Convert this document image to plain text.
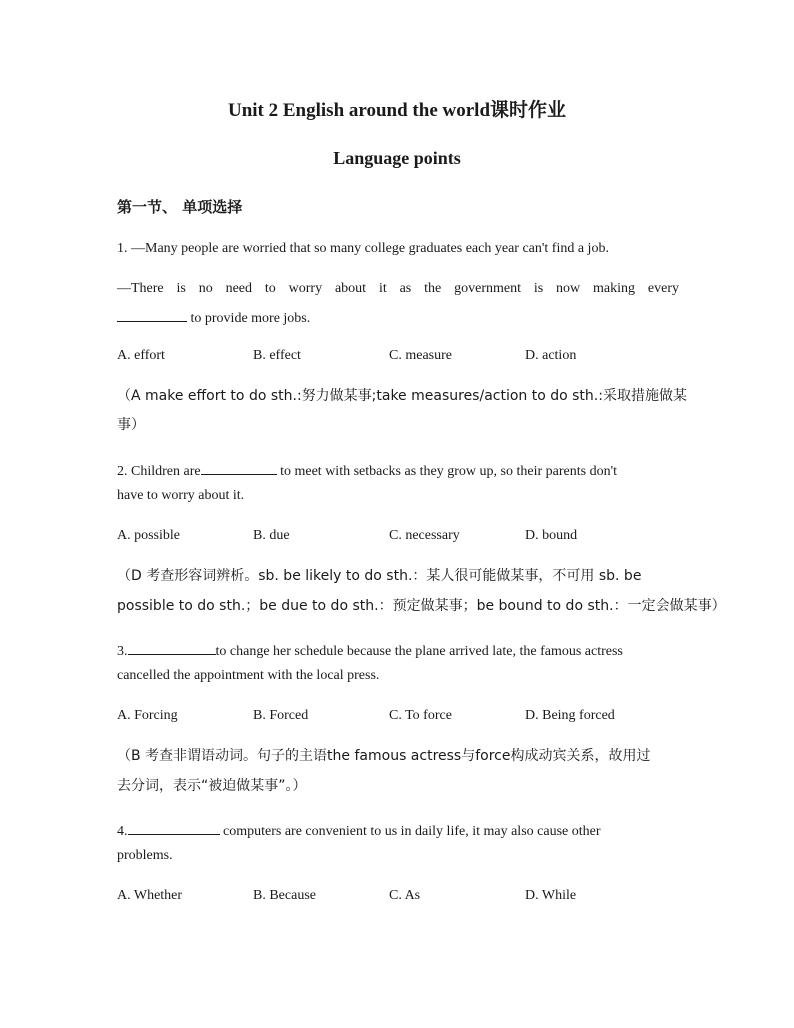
Unit 2 English around the world课时作业
Language points
第一节、 单项选择
1. —Many people are worried that so many college graduates each year can't find a job.
—There is no need to worry about it as the government is now making every
to provide more jobs.
A. effort	B. effect	C. measure	D. action
（A make effort to do sth.:努力做某事;take measures/action to do sth.:采取措施做某
事）
2. Children are	to meet with setbacks as they grow up, so their parents don't
have to worry about it.
A. possible	B. due	C. necessary	D. bound
（D 考查形容词辨析。sb. be likely to do sth.：某人很可能做某事，不可用 sb. be
possible to do sth.；be due to do sth.：预定做某事；be bound to do sth.：一定会做某事）
3.	to change her schedule because the plane arrived late, the famous actress
cancelled the appointment with the local press.
A. Forcing	B. Forced	C. To force	D. Being forced
（B 考查非谓语动词。句子的主语the famous actress与force构成动宾关系，故用过
去分词，表示“被迫做某事”。）
4.	computers are convenient to us in daily life, it may also cause other
problems.
A. Whether	B. Because	C. As	D. While
